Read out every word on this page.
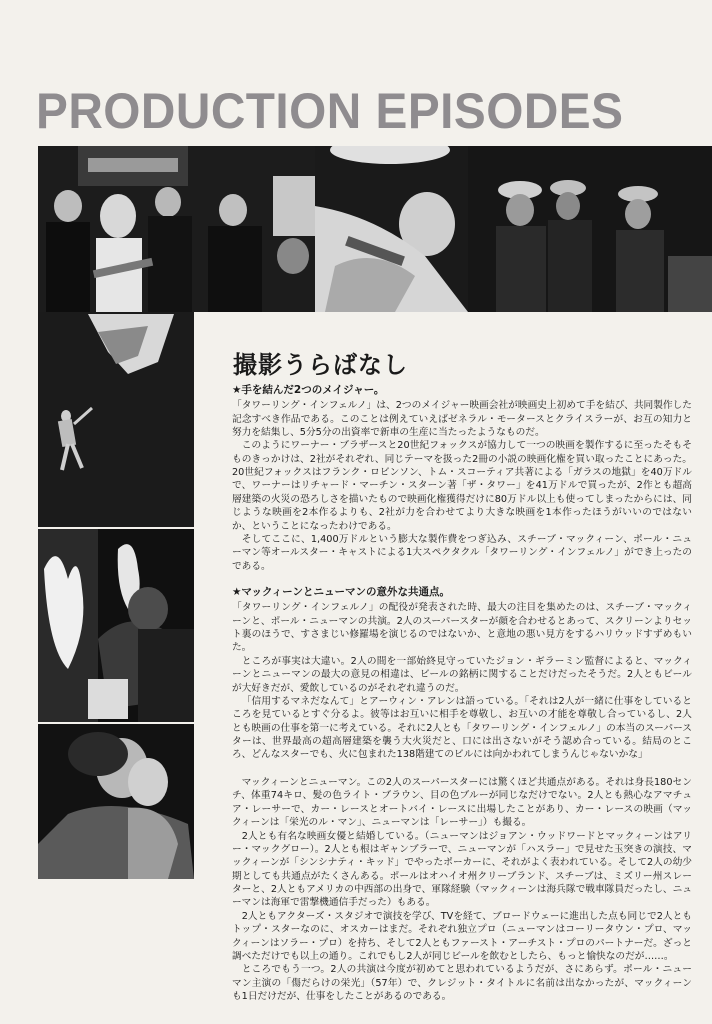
PRODUCTION EPISODES
撮影うらばなし
★手を結んだ2つのメイジャー。

「タワーリング・インフェルノ」は、2つのメイジャー映画会社が映画史上初めて手を結び、共同製作した記念すべき作品である。このことは例えていえばゼネラル・モータースとクライスラーが、お互の知力と努力を結集し、5分5分の出資率で新車の生産に当たったようなものだ。

このようにワーナー・ブラザースと20世紀フォックスが協力して一つの映画を製作するに至ったそもそものきっかけは、2社がそれぞれ、同じテーマを扱った2冊の小説の映画化権を買い取ったことにあった。20世紀フォックスはフランク・ロビンソン、トム・スコーティア共著による「ガラスの地獄」を40万ドルで、ワーナーはリチャード・マーチン・スターン著「ザ・タワー」を41万ドルで買ったが、2作とも超高層建築の火災の恐ろしさを描いたもので映画化権獲得だけに80万ドル以上も使ってしまったからには、同じような映画を2本作るよりも、2社が力を合わせてより大きな映画を1本作ったほうがいいのではないか、ということになったわけである。

そしてここに、1,400万ドルという膨大な製作費をつぎ込み、スチーブ・マックィーン、ポール・ニューマン等オールスター・キャストによる1大スペクタクル「タワーリング・インフェルノ」ができ上ったのである。

★マックィーンとニューマンの意外な共通点。

「タワーリング・インフェルノ」の配役が発表された時、最大の注目を集めたのは、スチーブ・マックィーンと、ポール・ニューマンの共演。2人のスーパースターが顔を合わせるとあって、スクリーンよりセット裏のほうで、すさまじい修羅場を演じるのではないか、と意地の悪い見方をするハリウッドすずめもいた。

ところが事実は大違い。2人の間を一部始終見守っていたジョン・ギラーミン監督によると、マックィーンとニューマンの最大の意見の相違は、ビールの銘柄に関することだけだったそうだ。2人ともビールが大好きだが、愛飲しているのがそれぞれ違うのだ。

「信用するマネだなんて」とアーウィン・アレンは語っている。「それは2人が一緒に仕事をしているところを見ているとすぐ分るよ。彼等はお互いに相手を尊敬し、お互いの才能を尊敬し合っているし、2人とも映画の仕事を第一に考えている。それに2人とも「タワーリング・インフェルノ」の本当のスーパースターは、世界最高の超高層建築を襲う大火災だと、口には出さないがそう認め合っている。結局のところ、どんなスターでも、火に包まれた138階建てのビルには向かわれてしまうんじゃないかな」

マックィーンとニューマン。この2人のスーパースターには驚くほど共通点がある。それは身長180センチ、体重74キロ、髪の色ライト・ブラウン、目の色ブルーが同じなだけでない。2人とも熱心なアマチュア・レーサーで、カー・レースとオートバイ・レースに出場したことがあり、カー・レースの映画（マックィーンは「栄光のル・マン」、ニューマンは「レーサー」）も撮る。

2人とも有名な映画女優と結婚している。（ニューマンはジョアン・ウッドワードとマックィーンはアリー・マックグロー）。2人とも根はギャンブラーで、ニューマンが「ハスラー」で見せた玉突きの演技、マックィーンが「シンシナティ・キッド」でやったポーカーに、それがよく表われている。そして2人の幼少期としても共通点がたくさんある。ポールはオハイオ州クリーブランド、スチーブは、ミズリー州スレーターと、2人ともアメリカの中西部の出身で、軍隊経験（マックィーンは海兵隊で戦車隊員だったし、ニューマンは海軍で雷撃機通信手だった）もある。

2人ともアクターズ・スタジオで演技を学び、TVを経て、ブロードウェーに進出した点も同じで2人ともトップ・スターなのに、オスカーはまだ。それぞれ独立プロ（ニューマンはコーリータウン・プロ、マックィーンはソラー・プロ）を持ち、そして2人ともファースト・アーチスト・プロのパートナーだ。ざっと調べただけでも以上の通り。これでもし2人が同じビールを飲むとしたら、もっと愉快なのだが……。

ところでもう一つ。2人の共演は今度が初めてと思われているようだが、さにあらず。ポール・ニューマン主演の「傷だらけの栄光」（57年）で、クレジット・タイトルに名前は出なかったが、マックィーンも1日だけだが、仕事をしたことがあるのである。
